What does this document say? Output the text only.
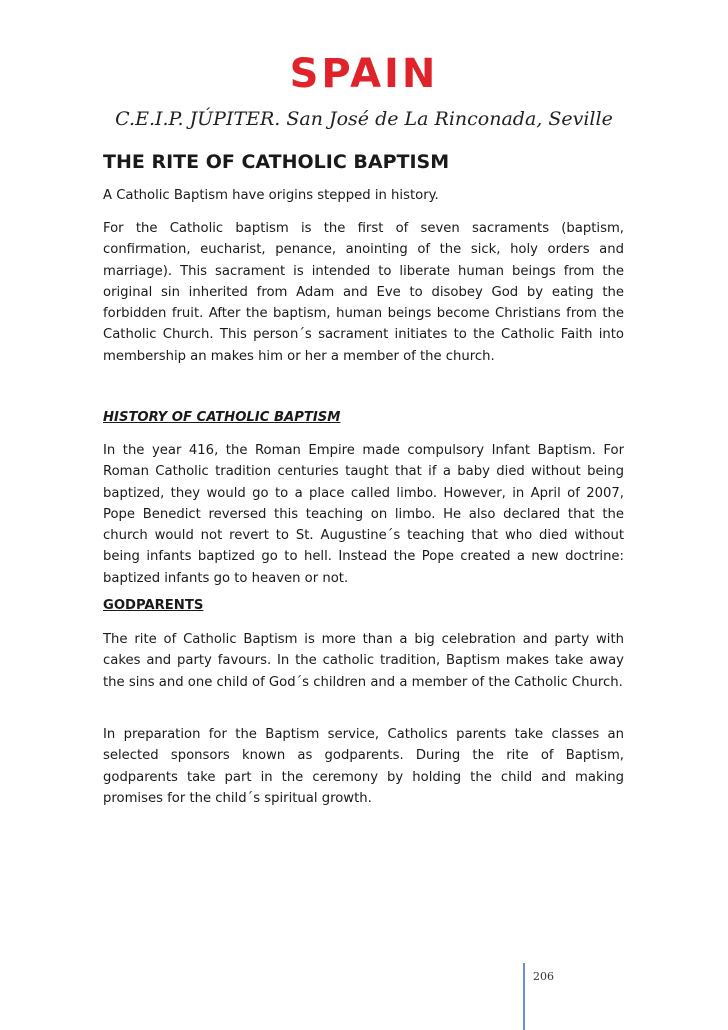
SPAIN
C.E.I.P. JÚPITER. San José de La Rinconada, Seville
THE RITE OF CATHOLIC BAPTISM
A Catholic Baptism have origins stepped in history.
For the Catholic baptism is the first of seven sacraments (baptism, confirmation, eucharist, penance, anointing of the sick, holy orders and marriage). This sacrament is intended to liberate human beings from the original sin inherited from Adam and Eve to disobey God by eating the forbidden fruit. After the baptism, human beings become Christians from the Catholic Church. This person´s sacrament initiates to the Catholic Faith into membership an makes him or her a member of the church.
HISTORY OF CATHOLIC BAPTISM
In the year 416, the Roman Empire made compulsory Infant Baptism. For Roman Catholic tradition centuries taught that if a baby died without being baptized, they would go to a place called limbo. However, in April of 2007, Pope Benedict reversed this teaching on limbo. He also declared that the church would not revert to St. Augustine´s teaching that who died without being infants baptized go to hell. Instead the Pope created a new doctrine: baptized infants go to heaven or not.
GODPARENTS
The rite of Catholic Baptism is more than a big celebration and party with cakes and party favours. In the catholic tradition, Baptism makes take away the sins and one child of God´s children and a member of the Catholic Church.
In preparation for the Baptism service, Catholics parents take classes an selected sponsors known as godparents. During the rite of Baptism, godparents take part in the ceremony by holding the child and making promises for the child´s spiritual growth.
206
